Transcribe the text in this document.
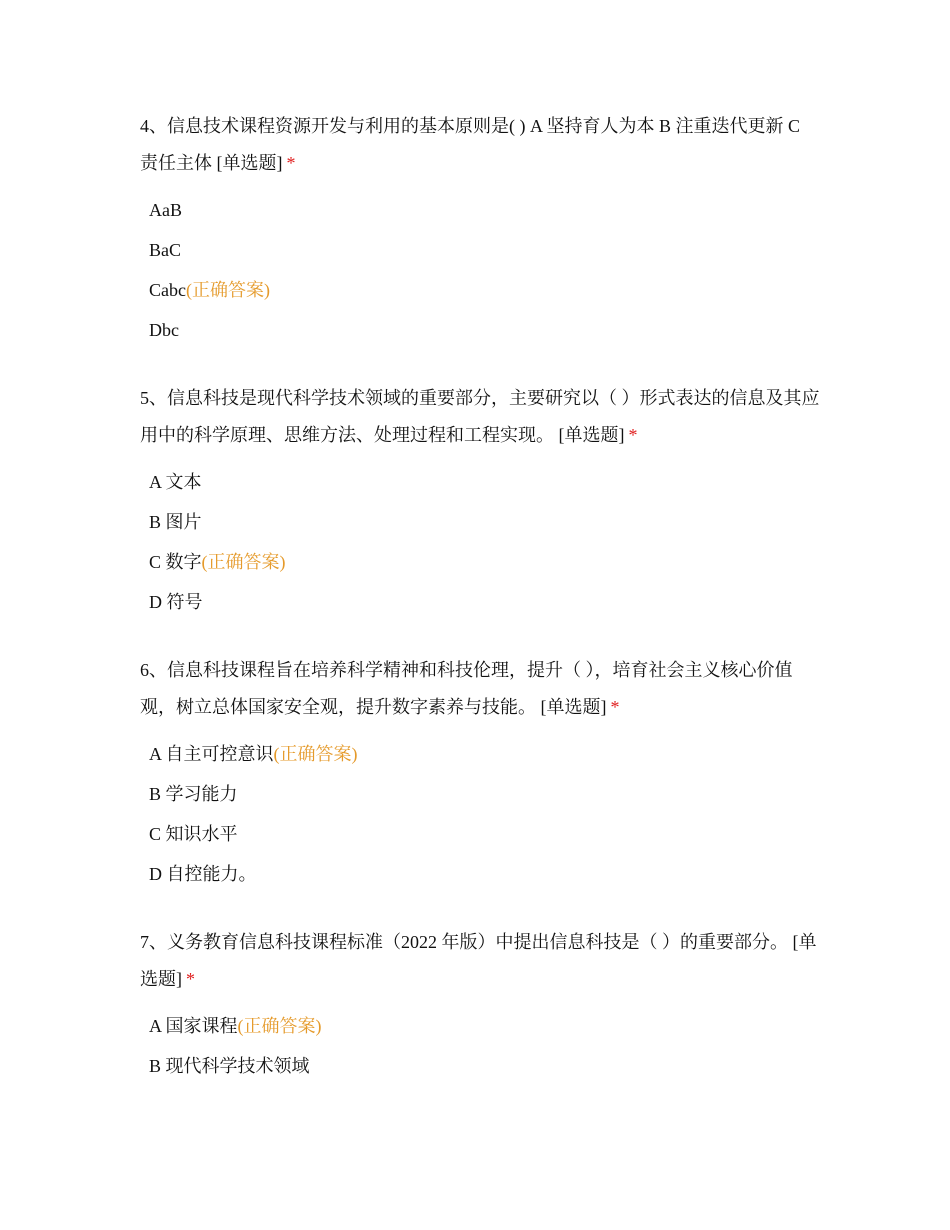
4、信息技术课程资源开发与利用的基本原则是( ) A 坚持育人为本 B 注重迭代更新 C 责任主体 [单选题] *

AaB
BaC
Cabc(正确答案)
Dbc

5、信息科技是现代科学技术领域的重要部分，主要研究以（ ）形式表达的信息及其应用中的科学原理、思维方法、处理过程和工程实现。 [单选题] *

A 文本
B 图片
C 数字(正确答案)
D 符号

6、信息科技课程旨在培养科学精神和科技伦理，提升（ ），培育社会主义核心价值观，树立总体国家安全观，提升数字素养与技能。 [单选题] *

A 自主可控意识(正确答案)
B 学习能力
C 知识水平
D 自控能力。

7、义务教育信息科技课程标准（2022 年版）中提出信息科技是（ ）的重要部分。 [单选题] *

A 国家课程(正确答案)
B 现代科学技术领域
